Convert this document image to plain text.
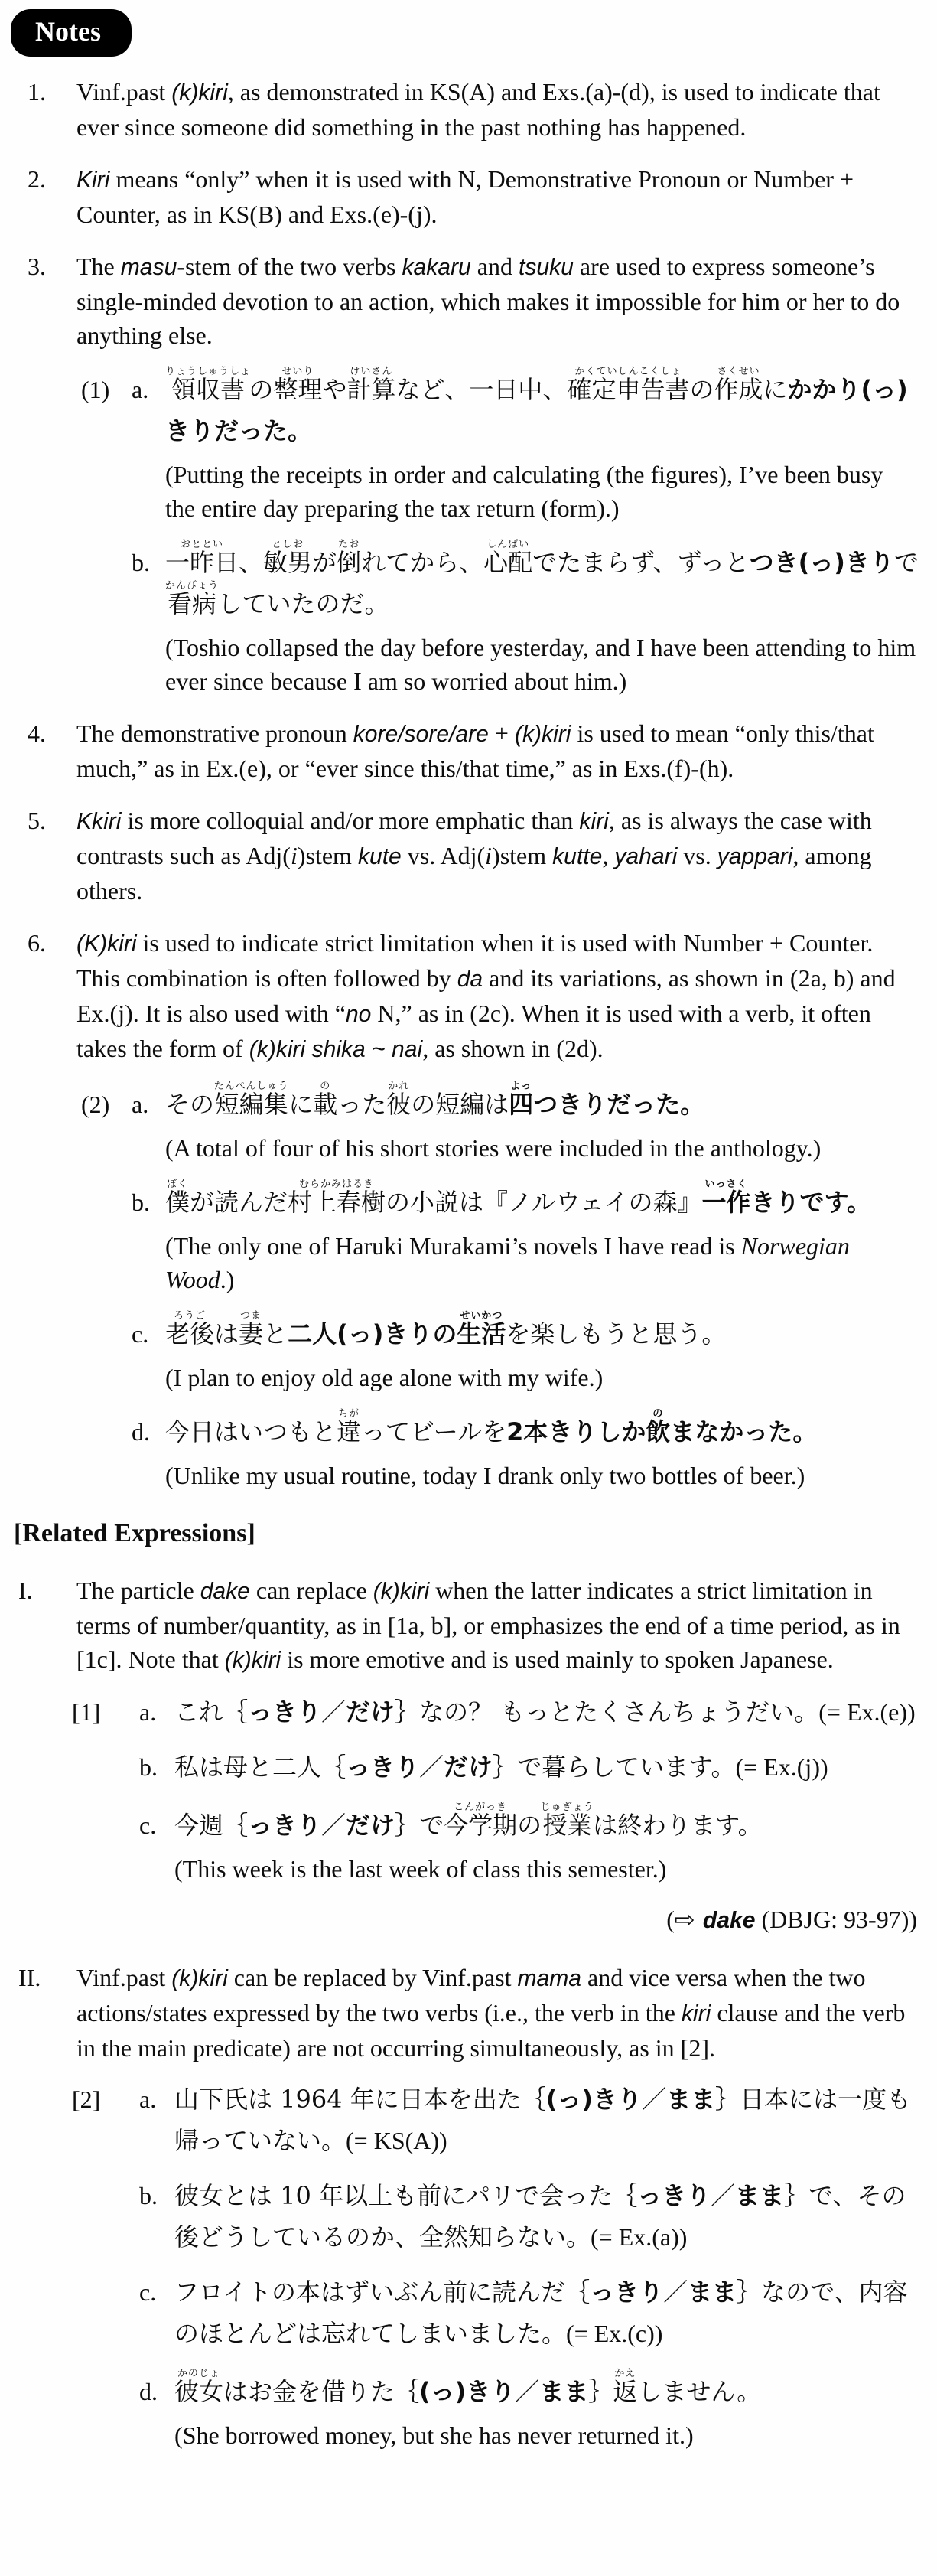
Notes
1.	Vinf.past (k)kiri, as demonstrated in KS(A) and Exs.(a)-(d), is used to indicate that ever since someone did something in the past nothing has happened.
2.	Kiri means “only” when it is used with N, Demonstrative Pronoun or Number + Counter, as in KS(B) and Exs.(e)-(j).
3.	The masu-stem of the two verbs kakaru and tsuku are used to express someone’s single-minded devotion to an action, which makes it impossible for him or her to do anything else.
(1) a. 領収書りょうしゅうしょの整理せいりや計算けいさんなど、一日中、確定申告書かくていしんこくしょの作成さくせいにかかり(っ)きりだった。
(Putting the receipts in order and calculating (the figures), I’ve been busy the entire day preparing the tax return (form).)
b. 一昨日おととい、敏男としおが倒たおれてから、心配しんぱいでたまらず、ずっとつき(っ)きりで看病かんびょうしていたのだ。
(Toshio collapsed the day before yesterday, and I have been attending to him ever since because I am so worried about him.)
4.	The demonstrative pronoun kore/sore/are + (k)kiri is used to mean “only this/that much,” as in Ex.(e), or “ever since this/that time,” as in Exs.(f)-(h).
5.	Kkiri is more colloquial and/or more emphatic than kiri, as is always the case with contrasts such as Adj(i)stem kute vs. Adj(i)stem kutte, yahari vs. yappari, among others.
6.	(K)kiri is used to indicate strict limitation when it is used with Number + Counter. This combination is often followed by da and its variations, as shown in (2a, b) and Ex.(j). It is also used with “no N,” as in (2c). When it is used with a verb, it often takes the form of (k)kiri shika ~ nai, as shown in (2d).
(2) a. その短編集たんぺんしゅうに載のった彼かれの短編は四よっつきりだった。
(A total of four of his short stories were included in the anthology.)
b. 僕ぼくが読んだ村上春樹むらかみはるきの小説は『ノルウェイの森』一作いっさくきりです。
(The only one of Haruki Murakami’s novels I have read is Norwegian Wood.)
c. 老後ろうごは妻つまと二人(っ)きりの生活せいかつを楽しもうと思う。
(I plan to enjoy old age alone with my wife.)
d. 今日はいつもと違ちがってビールを2本きりしか飲のまなかった。
(Unlike my usual routine, today I drank only two bottles of beer.)
[Related Expressions]
I.	The particle dake can replace (k)kiri when the latter indicates a strict limitation in terms of number/quantity, as in [1a, b], or emphasizes the end of a time period, as in [1c]. Note that (k)kiri is more emotive and is used mainly to spoken Japanese.
[1]	a. これ｛っきり／だけ｝なの？ もっとたくさんちょうだい。(= Ex.(e))
b. 私は母と二人｛っきり／だけ｝で暮らしています。(= Ex.(j))
c. 今週｛っきり／だけ｝で今学期こんがっきの授業じゅぎょうは終わります。
(This week is the last week of class this semester.)
(⇨ dake (DBJG: 93-97))
II.	Vinf.past (k)kiri can be replaced by Vinf.past mama and vice versa when the two actions/states expressed by the two verbs (i.e., the verb in the kiri clause and the verb in the main predicate) are not occurring simultaneously, as in [2].
[2]	a. 山下氏は 1964 年に日本を出た｛(っ)きり／まま｝日本には一度も帰っていない。(= KS(A))
b. 彼女とは 10 年以上も前にパリで会った｛っきり／まま｝で、その後どうしているのか、全然知らない。(= Ex.(a))
c. フロイトの本はずいぶん前に読んだ｛っきり／まま｝なので、内容のほとんどは忘れてしまいました。(= Ex.(c))
d. 彼女かのじょはお金を借りた｛(っ)きり／まま｝返かえしません。
(She borrowed money, but she has never returned it.)
